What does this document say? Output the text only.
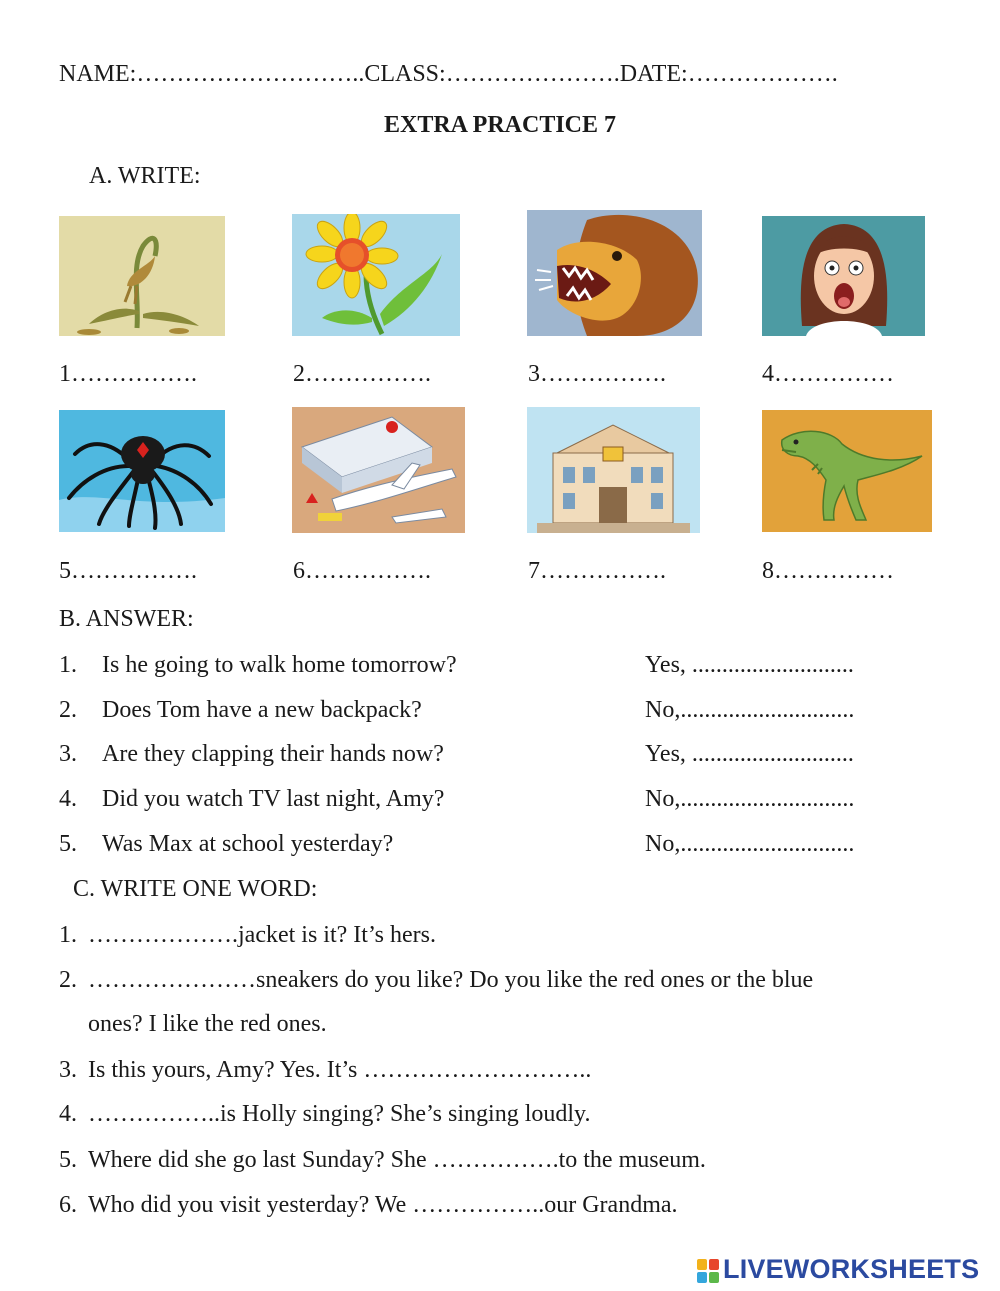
NAME:………………………..CLASS:………………….DATE:……………….
EXTRA PRACTICE 7
A. WRITE:
1…………….	2…………….	3…………….	4……………
5…………….	6…………….	7…………….	8……………
B. ANSWER:
1. Is he going to walk home tomorrow?	Yes, ...........................
2. Does Tom have a new backpack?	No,.............................
3. Are they clapping their hands now?	Yes, ...........................
4. Did you watch TV last night, Amy?	No,.............................
5. Was Max at school yesterday?	No,.............................
C. WRITE ONE WORD:
1. ……………….jacket is it? It’s hers.
2. …………………sneakers do you like? Do you like the red ones or the blue
ones? I like the red ones.
3. Is this yours, Amy? Yes. It’s ………………………..
4. ……………..is Holly singing? She’s singing loudly.
5. Where did she go last Sunday? She …………….to the museum.
6. Who did you visit yesterday? We ……………..our Grandma.
LIVEWORKSHEETS
